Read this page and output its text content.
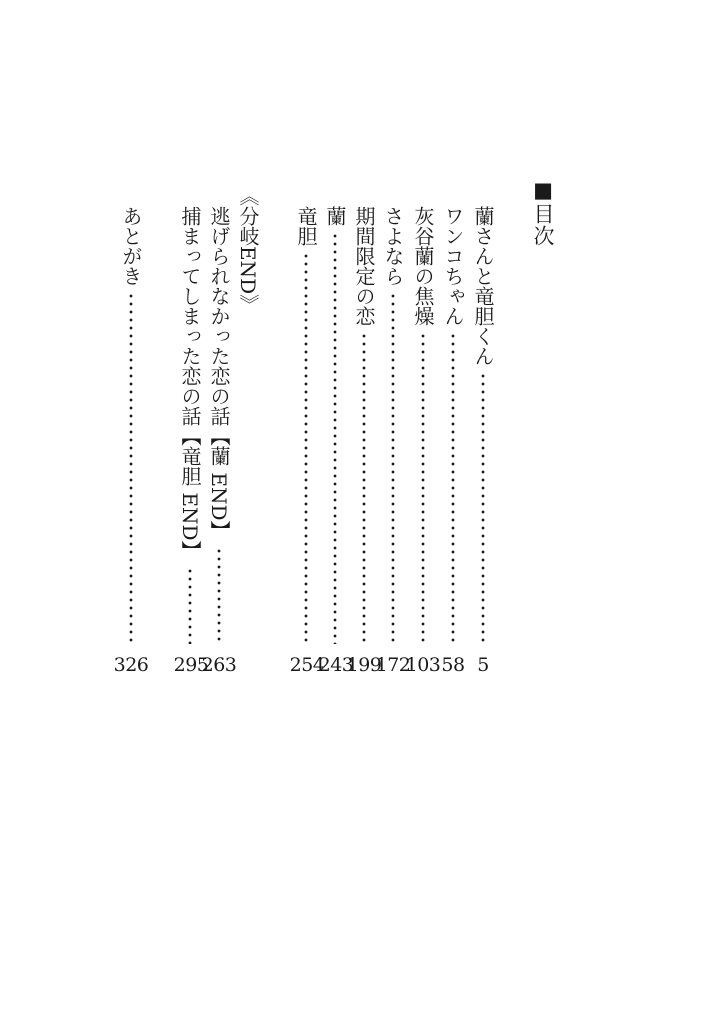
■目次
蘭さんと竜胆くん
5
ワンコちゃん
58
灰谷蘭の焦燥
103
さよなら
172
期間限定の恋
199
蘭
243
竜胆
254
《分岐END》
逃げられなかった恋の話【蘭 END】
263
捕まってしまった恋の話【竜胆 END】
295
あとがき
326
